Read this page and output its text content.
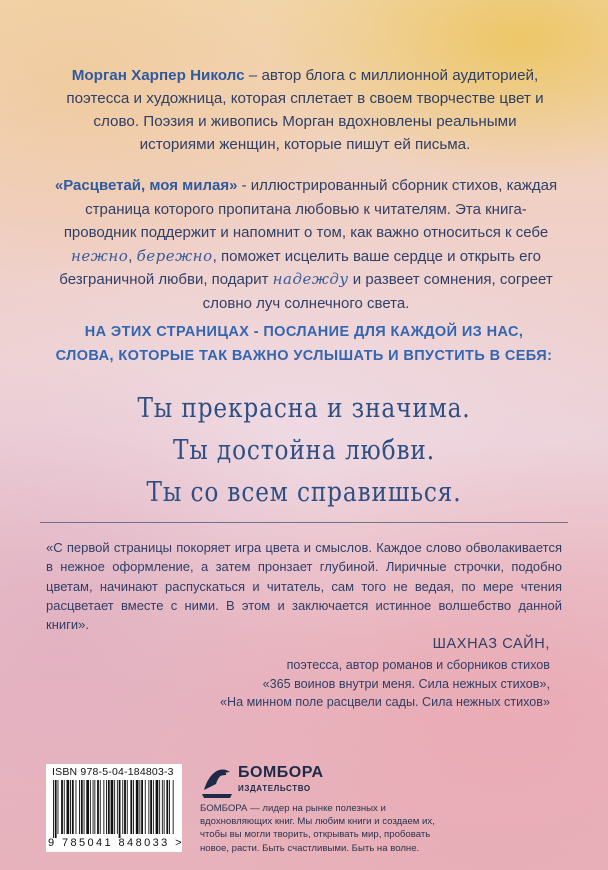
Морган Харпер Николс – автор блога с миллионной аудиторией, поэтесса и художница, которая сплетает в своем творчестве цвет и слово. Поэзия и живопись Морган вдохновлены реальными историями женщин, которые пишут ей письма.
«Расцветай, моя милая» - иллюстрированный сборник стихов, каждая страница которого пропитана любовью к читателям. Эта книга-проводник поддержит и напомнит о том, как важно относиться к себе нежно, бережно, поможет исцелить ваше сердце и открыть его безграничной любви, подарит надежду и развеет сомнения, согреет словно луч солнечного света.
НА ЭТИХ СТРАНИЦАХ - ПОСЛАНИЕ ДЛЯ КАЖДОЙ ИЗ НАС,
СЛОВА, КОТОРЫЕ ТАК ВАЖНО УСЛЫШАТЬ И ВПУСТИТЬ В СЕБЯ:
Ты прекрасна и значима.
Ты достойна любви.
Ты со всем справишься.
«С первой страницы покоряет игра цвета и смыслов. Каждое слово обволакивается в нежное оформление, а затем пронзает глубиной. Лиричные строчки, подобно цветам, начинают распускаться и читатель, сам того не ведая, по мере чтения расцветает вместе с ними. В этом и заключается истинное волшебство данной книги».
ШАХНАЗ САЙН,
поэтесса, автор романов и сборников стихов
«365 воинов внутри меня. Сила нежных стихов»,
«На минном поле расцвели сады. Сила нежных стихов»
ISBN 978-5-04-184803-3
9 785041 848033 >
БОМБОРА
ИЗДАТЕЛЬСТВО
БОМБОРА — лидер на рынке полезных и вдохновляющих книг. Мы любим книги и создаем их, чтобы вы могли творить, открывать мир, пробовать новое, расти. Быть счастливыми. Быть на волне.
